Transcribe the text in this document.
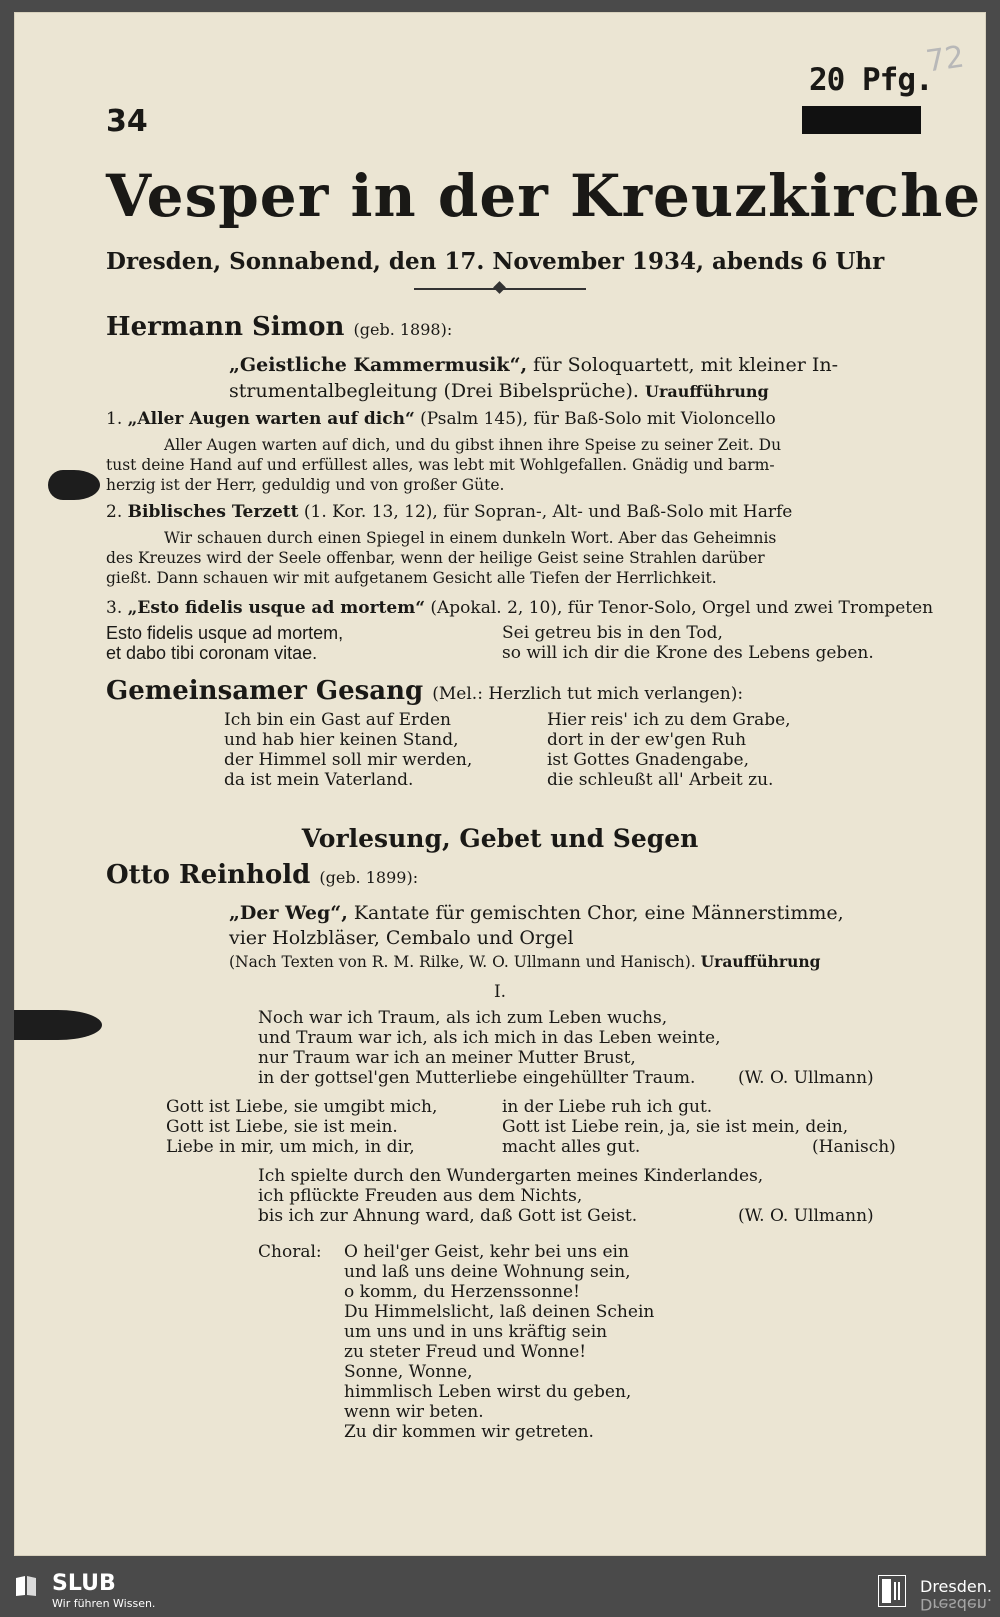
34
20 Pfg.
72
Vesper in der Kreuzkirche
Dresden, Sonnabend, den 17. November 1934, abends 6 Uhr
Hermann Simon (geb. 1898):
„Geistliche Kammermusik“, für Soloquartett, mit kleiner In-
strumentalbegleitung (Drei Bibelsprüche). Uraufführung
1. „Aller Augen warten auf dich“ (Psalm 145), für Baß-Solo mit Violoncello
Aller Augen warten auf dich, und du gibst ihnen ihre Speise zu seiner Zeit. Du
tust deine Hand auf und erfüllest alles, was lebt mit Wohlgefallen. Gnädig und barm-
herzig ist der Herr, geduldig und von großer Güte.
2. Biblisches Terzett (1. Kor. 13, 12), für Sopran-, Alt- und Baß-Solo mit Harfe
Wir schauen durch einen Spiegel in einem dunkeln Wort. Aber das Geheimnis
des Kreuzes wird der Seele offenbar, wenn der heilige Geist seine Strahlen darüber
gießt. Dann schauen wir mit aufgetanem Gesicht alle Tiefen der Herrlichkeit.
3. „Esto fidelis usque ad mortem“ (Apokal. 2, 10), für Tenor-Solo, Orgel und zwei Trompeten
Esto fidelis usque ad mortem,
et dabo tibi coronam vitae.
Sei getreu bis in den Tod,
so will ich dir die Krone des Lebens geben.
Gemeinsamer Gesang (Mel.: Herzlich tut mich verlangen):
Ich bin ein Gast auf Erden
und hab hier keinen Stand,
der Himmel soll mir werden,
da ist mein Vaterland.
Hier reis' ich zu dem Grabe,
dort in der ew'gen Ruh
ist Gottes Gnadengabe,
die schleußt all' Arbeit zu.
Vorlesung, Gebet und Segen
Otto Reinhold (geb. 1899):
„Der Weg“, Kantate für gemischten Chor, eine Männerstimme,
vier Holzbläser, Cembalo und Orgel
(Nach Texten von R. M. Rilke, W. O. Ullmann und Hanisch). Uraufführung
I.
Noch war ich Traum, als ich zum Leben wuchs,
und Traum war ich, als ich mich in das Leben weinte,
nur Traum war ich an meiner Mutter Brust,
in der gottsel'gen Mutterliebe eingehüllter Traum.	(W. O. Ullmann)
Gott ist Liebe, sie umgibt mich,
Gott ist Liebe, sie ist mein.
Liebe in mir, um mich, in dir,
in der Liebe ruh ich gut.
Gott ist Liebe rein, ja, sie ist mein, dein,
macht alles gut.	(Hanisch)
Ich spielte durch den Wundergarten meines Kinderlandes,
ich pflückte Freuden aus dem Nichts,
bis ich zur Ahnung ward, daß Gott ist Geist.	(W. O. Ullmann)
Choral: O heil'ger Geist, kehr bei uns ein
und laß uns deine Wohnung sein,
o komm, du Herzenssonne!
Du Himmelslicht, laß deinen Schein
um uns und in uns kräftig sein
zu steter Freud und Wonne!
Sonne, Wonne,
himmlisch Leben wirst du geben,
wenn wir beten.
Zu dir kommen wir getreten.
SLUB
Wir führen Wissen.
Dresden.
Dresden.
